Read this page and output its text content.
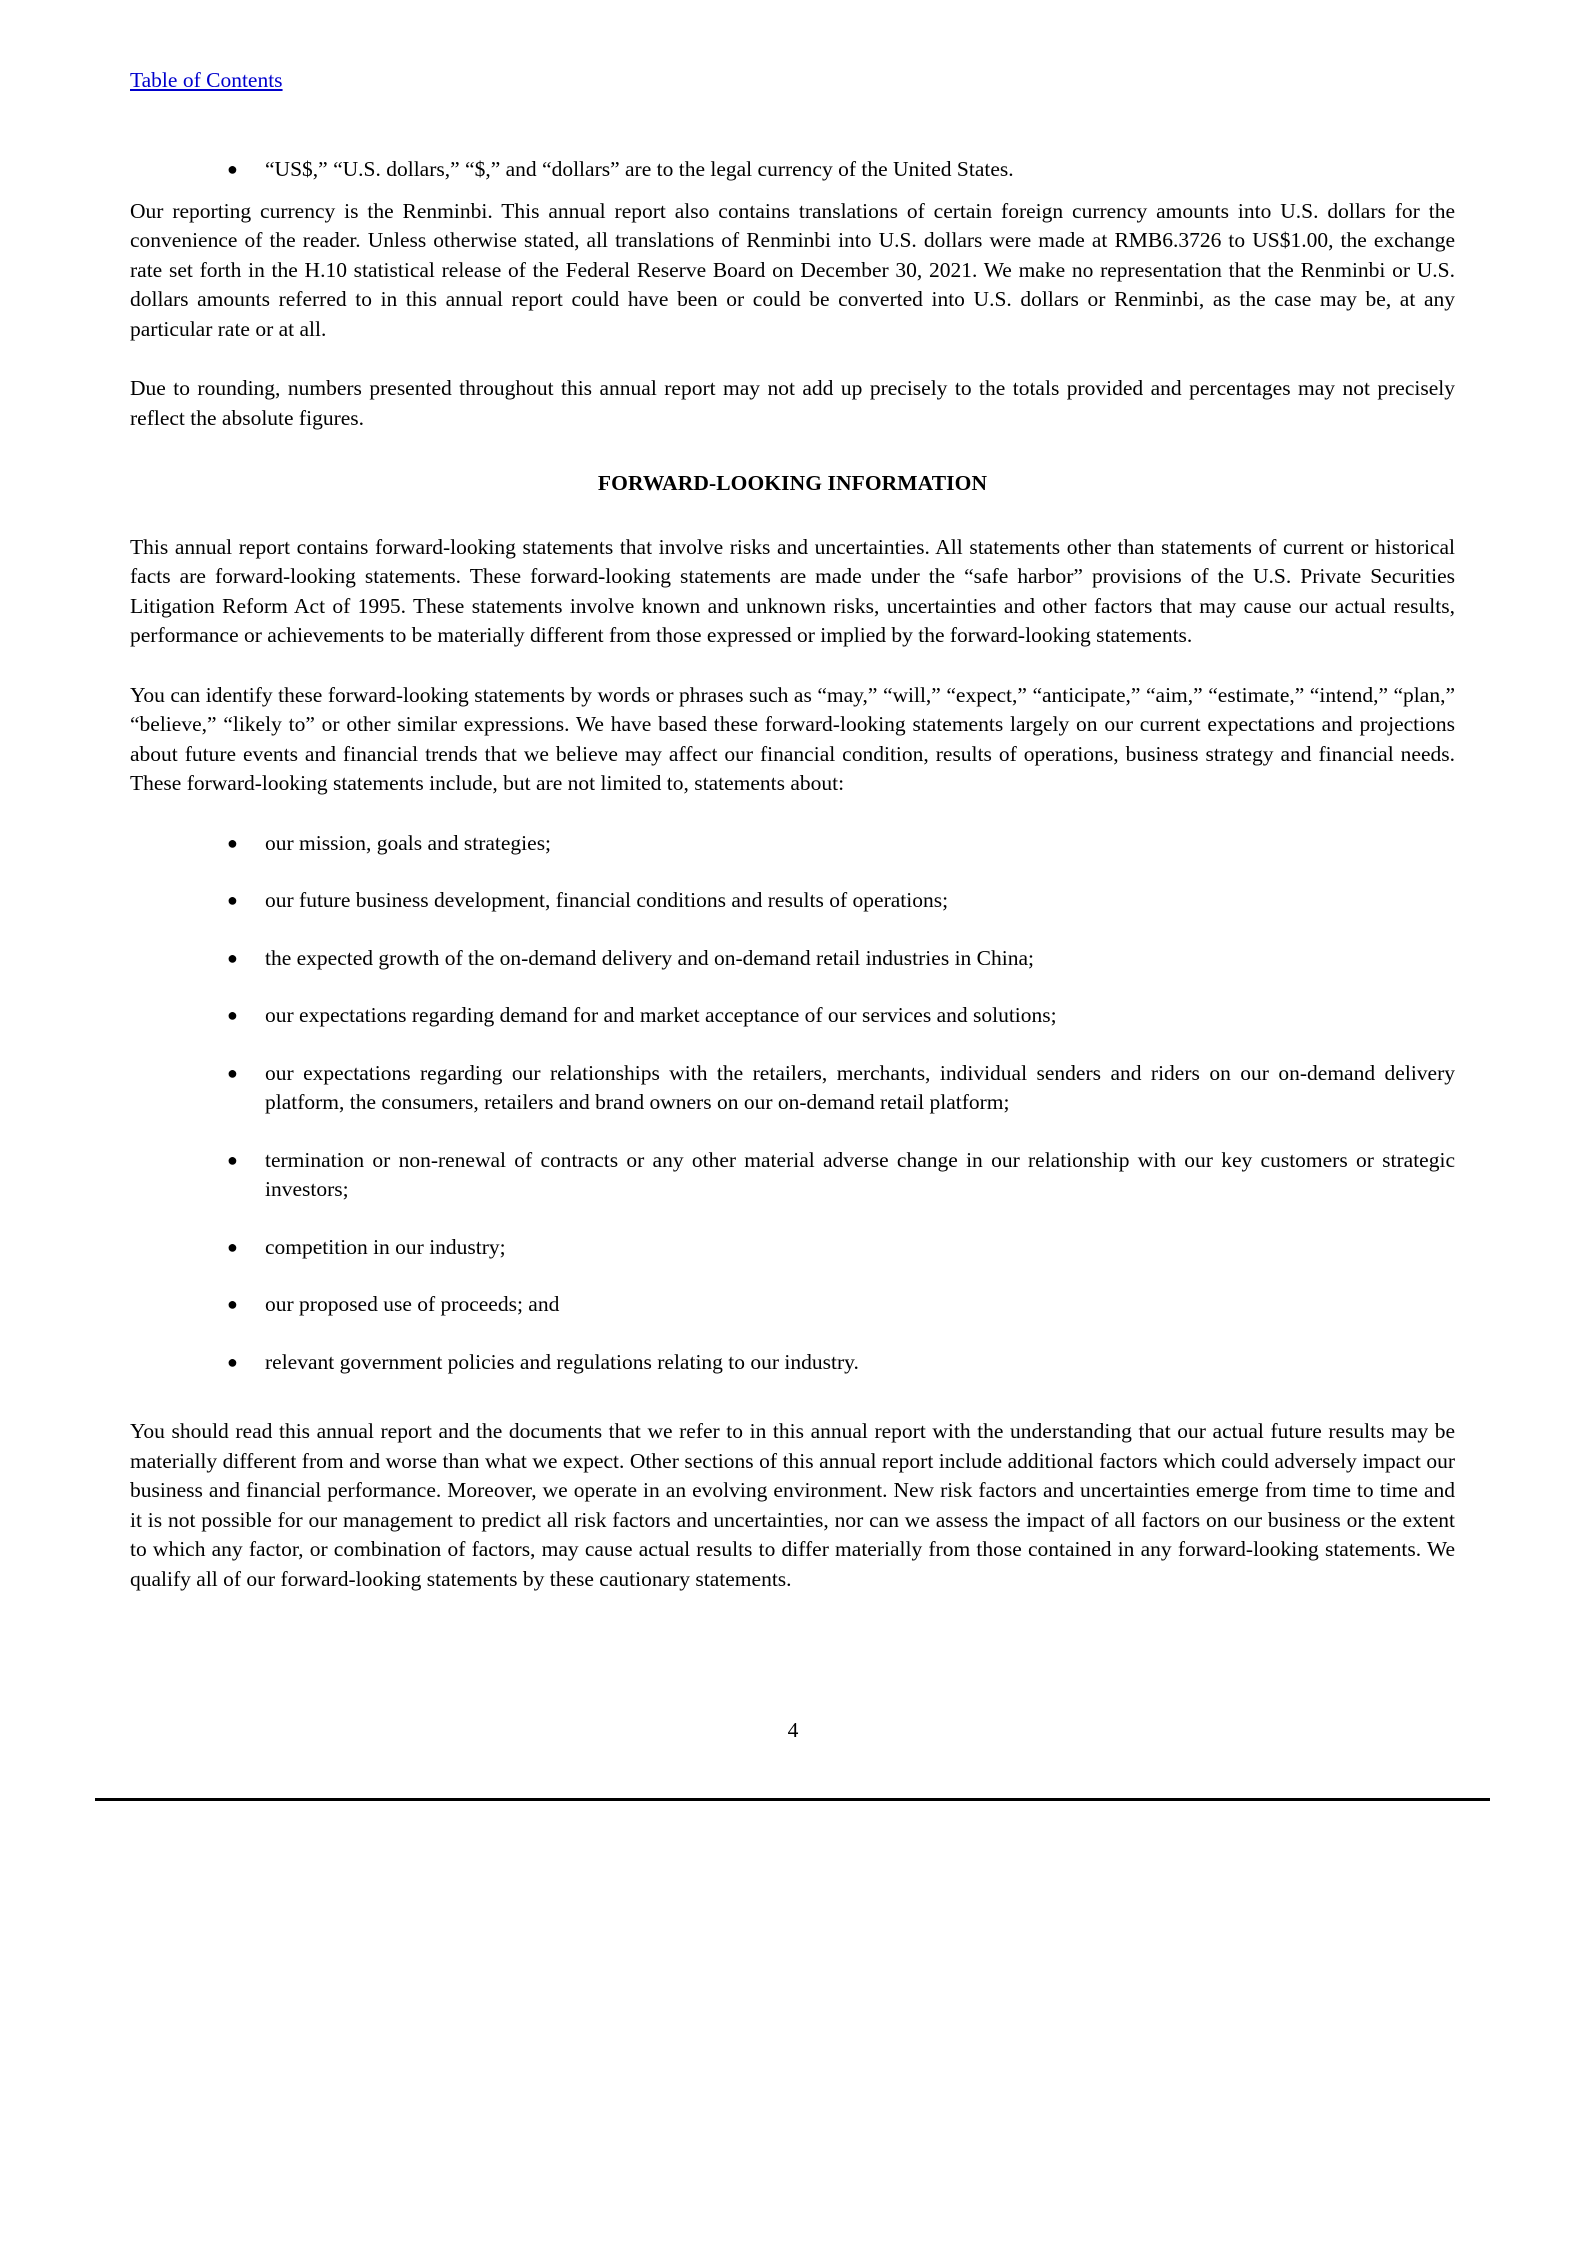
Table of Contents
● “US$,” “U.S. dollars,” “$,” and “dollars” are to the legal currency of the United States.

Our reporting currency is the Renminbi. This annual report also contains translations of certain foreign currency amounts into U.S. dollars for the convenience of the reader. Unless otherwise stated, all translations of Renminbi into U.S. dollars were made at RMB6.3726 to US$1.00, the exchange rate set forth in the H.10 statistical release of the Federal Reserve Board on December 30, 2021. We make no representation that the Renminbi or U.S. dollars amounts referred to in this annual report could have been or could be converted into U.S. dollars or Renminbi, as the case may be, at any particular rate or at all.

Due to rounding, numbers presented throughout this annual report may not add up precisely to the totals provided and percentages may not precisely reflect the absolute figures.

FORWARD-LOOKING INFORMATION

This annual report contains forward-looking statements that involve risks and uncertainties. All statements other than statements of current or historical facts are forward-looking statements. These forward-looking statements are made under the “safe harbor” provisions of the U.S. Private Securities Litigation Reform Act of 1995. These statements involve known and unknown risks, uncertainties and other factors that may cause our actual results, performance or achievements to be materially different from those expressed or implied by the forward-looking statements.

You can identify these forward-looking statements by words or phrases such as “may,” “will,” “expect,” “anticipate,” “aim,” “estimate,” “intend,” “plan,” “believe,” “likely to” or other similar expressions. We have based these forward-looking statements largely on our current expectations and projections about future events and financial trends that we believe may affect our financial condition, results of operations, business strategy and financial needs. These forward-looking statements include, but are not limited to, statements about:

● our mission, goals and strategies;
● our future business development, financial conditions and results of operations;
● the expected growth of the on-demand delivery and on-demand retail industries in China;
● our expectations regarding demand for and market acceptance of our services and solutions;
● our expectations regarding our relationships with the retailers, merchants, individual senders and riders on our on-demand delivery platform, the consumers, retailers and brand owners on our on-demand retail platform;
● termination or non-renewal of contracts or any other material adverse change in our relationship with our key customers or strategic investors;
● competition in our industry;
● our proposed use of proceeds; and
● relevant government policies and regulations relating to our industry.

You should read this annual report and the documents that we refer to in this annual report with the understanding that our actual future results may be materially different from and worse than what we expect. Other sections of this annual report include additional factors which could adversely impact our business and financial performance. Moreover, we operate in an evolving environment. New risk factors and uncertainties emerge from time to time and it is not possible for our management to predict all risk factors and uncertainties, nor can we assess the impact of all factors on our business or the extent to which any factor, or combination of factors, may cause actual results to differ materially from those contained in any forward-looking statements. We qualify all of our forward-looking statements by these cautionary statements.

4
